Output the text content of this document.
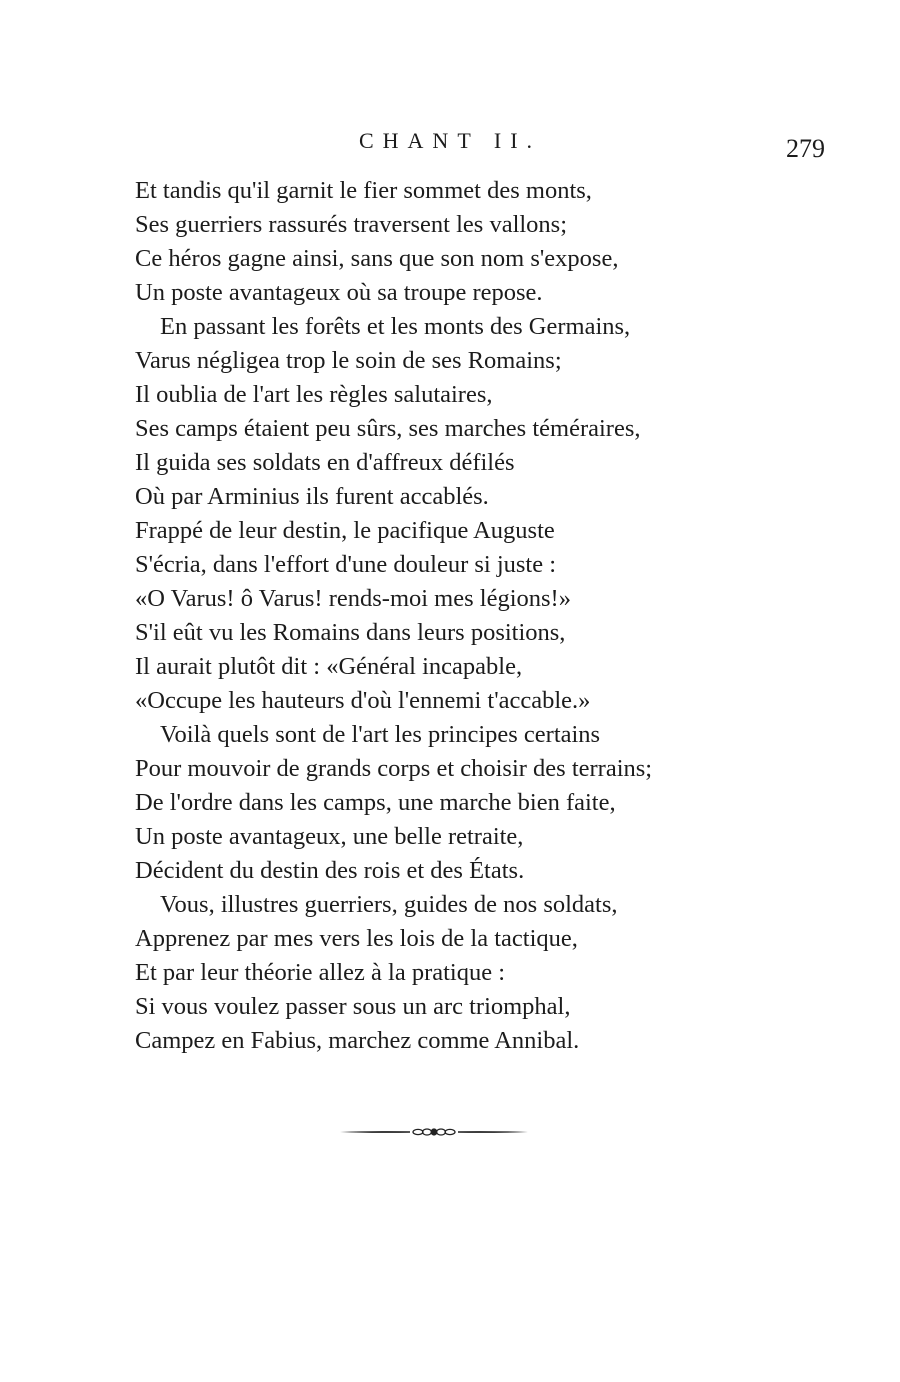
CHANT II.	279
Et tandis qu'il garnit le fier sommet des monts,
Ses guerriers rassurés traversent les vallons;
Ce héros gagne ainsi, sans que son nom s'expose,
Un poste avantageux où sa troupe repose.
En passant les forêts et les monts des Germains,
Varus négligea trop le soin de ses Romains;
Il oublia de l'art les règles salutaires,
Ses camps étaient peu sûrs, ses marches téméraires,
Il guida ses soldats en d'affreux défilés
Où par Arminius ils furent accablés.
Frappé de leur destin, le pacifique Auguste
S'écria, dans l'effort d'une douleur si juste :
«O Varus! ô Varus! rends-moi mes légions!»
S'il eût vu les Romains dans leurs positions,
Il aurait plutôt dit : «Général incapable,
«Occupe les hauteurs d'où l'ennemi t'accable.»
Voilà quels sont de l'art les principes certains
Pour mouvoir de grands corps et choisir des terrains;
De l'ordre dans les camps, une marche bien faite,
Un poste avantageux, une belle retraite,
Décident du destin des rois et des États.
Vous, illustres guerriers, guides de nos soldats,
Apprenez par mes vers les lois de la tactique,
Et par leur théorie allez à la pratique :
Si vous voulez passer sous un arc triomphal,
Campez en Fabius, marchez comme Annibal.
